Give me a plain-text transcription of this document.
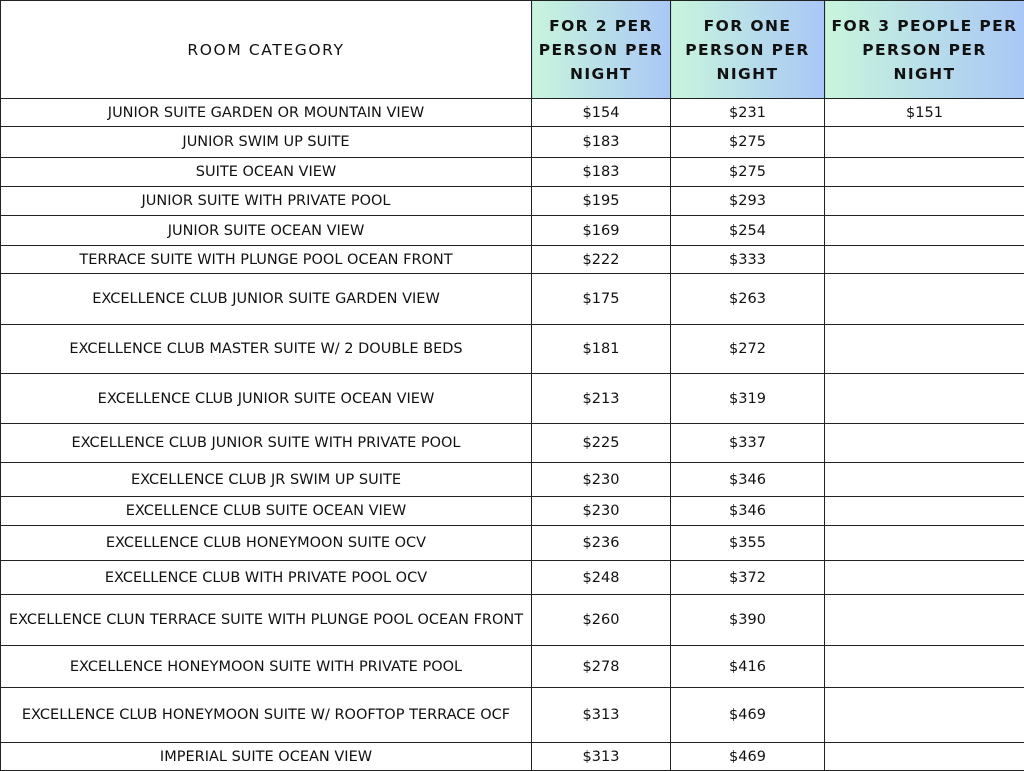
ROOM CATEGORY	FOR 2 PER PERSON PER NIGHT	FOR ONE PERSON PER NIGHT	FOR 3 PEOPLE PER PERSON PER NIGHT
JUNIOR SUITE GARDEN OR MOUNTAIN VIEW	$154	$231	$151
JUNIOR SWIM UP SUITE	$183	$275	
SUITE OCEAN VIEW	$183	$275	
JUNIOR SUITE WITH PRIVATE POOL	$195	$293	
JUNIOR SUITE OCEAN VIEW	$169	$254	
TERRACE SUITE WITH PLUNGE POOL OCEAN FRONT	$222	$333	
EXCELLENCE CLUB JUNIOR SUITE GARDEN VIEW	$175	$263	
EXCELLENCE CLUB MASTER SUITE W/ 2 DOUBLE BEDS	$181	$272	
EXCELLENCE CLUB JUNIOR SUITE OCEAN VIEW	$213	$319	
EXCELLENCE CLUB JUNIOR SUITE WITH PRIVATE POOL	$225	$337	
EXCELLENCE CLUB JR SWIM UP SUITE	$230	$346	
EXCELLENCE CLUB SUITE OCEAN VIEW	$230	$346	
EXCELLENCE CLUB HONEYMOON SUITE OCV	$236	$355	
EXCELLENCE CLUB WITH PRIVATE POOL OCV	$248	$372	
EXCELLENCE CLUN TERRACE SUITE WITH PLUNGE POOL OCEAN FRONT	$260	$390	
EXCELLENCE HONEYMOON SUITE WITH PRIVATE POOL	$278	$416	
EXCELLENCE CLUB HONEYMOON SUITE W/ ROOFTOP TERRACE OCF	$313	$469	
IMPERIAL SUITE OCEAN VIEW	$313	$469	
